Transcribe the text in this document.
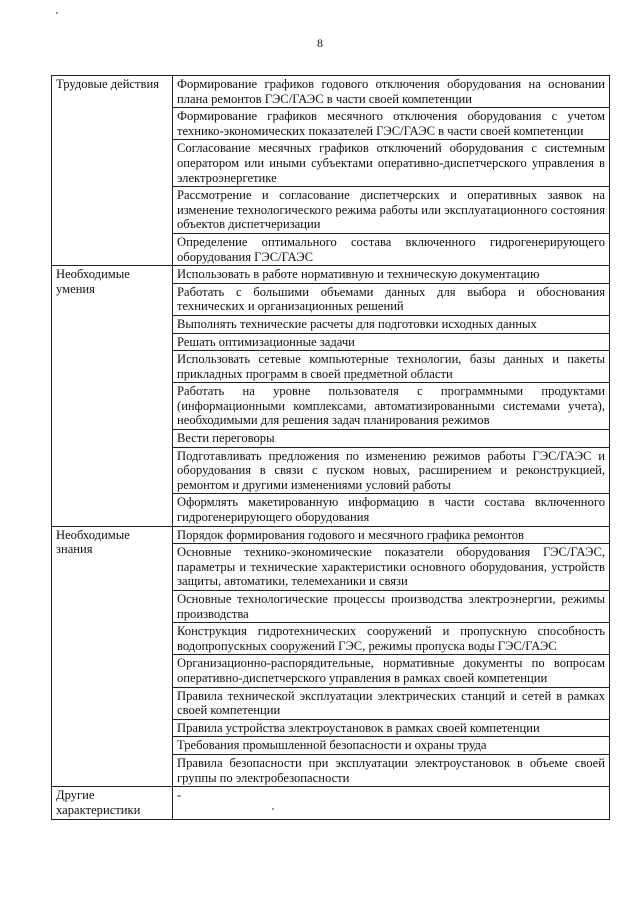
8
Трудовые действия	Формирование графиков годового отключения оборудования на основании плана ремонтов ГЭС/ГАЭС в части своей компетенции
	Формирование графиков месячного отключения оборудования с учетом технико-экономических показателей ГЭС/ГАЭС в части своей компетенции
	Согласование месячных графиков отключений оборудования с системным оператором или иными субъектами оперативно-диспетчерского управления в электроэнергетике
	Рассмотрение и согласование диспетчерских и оперативных заявок на изменение технологического режима работы или эксплуатационного состояния объектов диспетчеризации
	Определение оптимального состава включенного гидрогенерирующего оборудования ГЭС/ГАЭС
Необходимые умения	Использовать в работе нормативную и техническую документацию
	Работать с большими объемами данных для выбора и обоснования технических и организационных решений
	Выполнять технические расчеты для подготовки исходных данных
	Решать оптимизационные задачи
	Использовать сетевые компьютерные технологии, базы данных и пакеты прикладных программ в своей предметной области
	Работать на уровне пользователя с программными продуктами (информационными комплексами, автоматизированными системами учета), необходимыми для решения задач планирования режимов
	Вести переговоры
	Подготавливать предложения по изменению режимов работы ГЭС/ГАЭС и оборудования в связи с пуском новых, расширением и реконструкцией, ремонтом и другими изменениями условий работы
	Оформлять макетированную информацию в части состава включенного гидрогенерирующего оборудования
Необходимые знания	Порядок формирования годового и месячного графика ремонтов
	Основные технико-экономические показатели оборудования ГЭС/ГАЭС, параметры и технические характеристики основного оборудования, устройств защиты, автоматики, телемеханики и связи
	Основные технологические процессы производства электроэнергии, режимы производства
	Конструкция гидротехнических сооружений и пропускную способность водопропускных сооружений ГЭС, режимы пропуска воды ГЭС/ГАЭС
	Организационно-распорядительные, нормативные документы по вопросам оперативно-диспетчерского управления в рамках своей компетенции
	Правила технической эксплуатации электрических станций и сетей в рамках своей компетенции
	Правила устройства электроустановок в рамках своей компетенции
	Требования промышленной безопасности и охраны труда
	Правила безопасности при эксплуатации электроустановок в объеме своей группы по электробезопасности
Другие характеристики	-
